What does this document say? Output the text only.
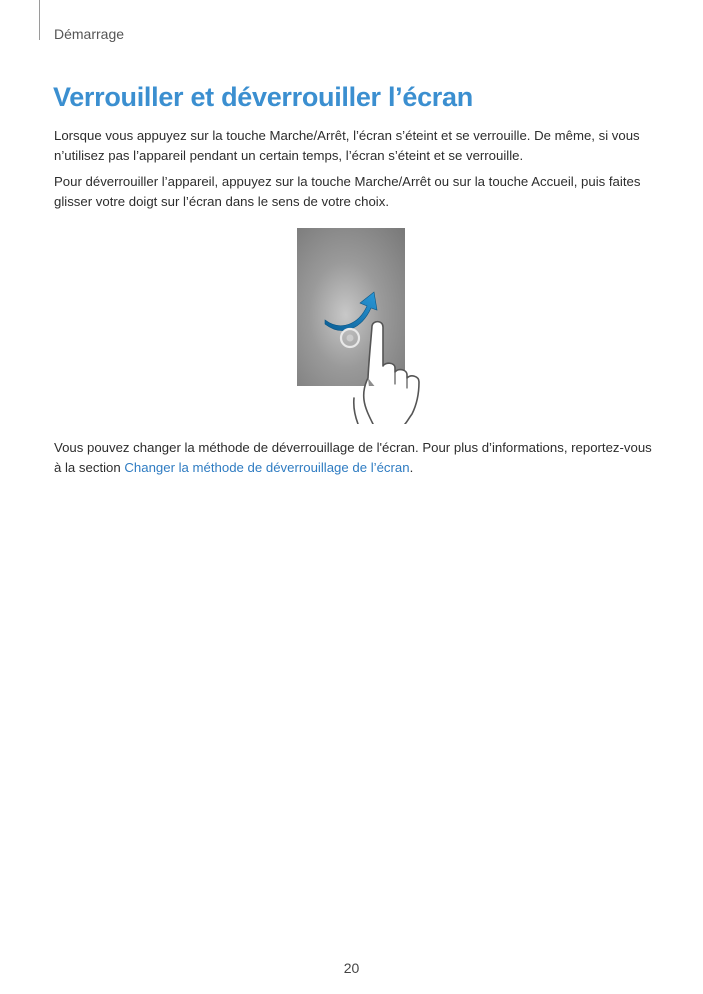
Démarrage
Verrouiller et déverrouiller l’écran

Lorsque vous appuyez sur la touche Marche/Arrêt, l’écran s’éteint et se verrouille. De même, si vous n’utilisez pas l’appareil pendant un certain temps, l’écran s’éteint et se verrouille.

Pour déverrouiller l’appareil, appuyez sur la touche Marche/Arrêt ou sur la touche Accueil, puis faites glisser votre doigt sur l’écran dans le sens de votre choix.

Vous pouvez changer la méthode de déverrouillage de l'écran. Pour plus d’informations, reportez-vous à la section Changer la méthode de déverrouillage de l’écran.

20
